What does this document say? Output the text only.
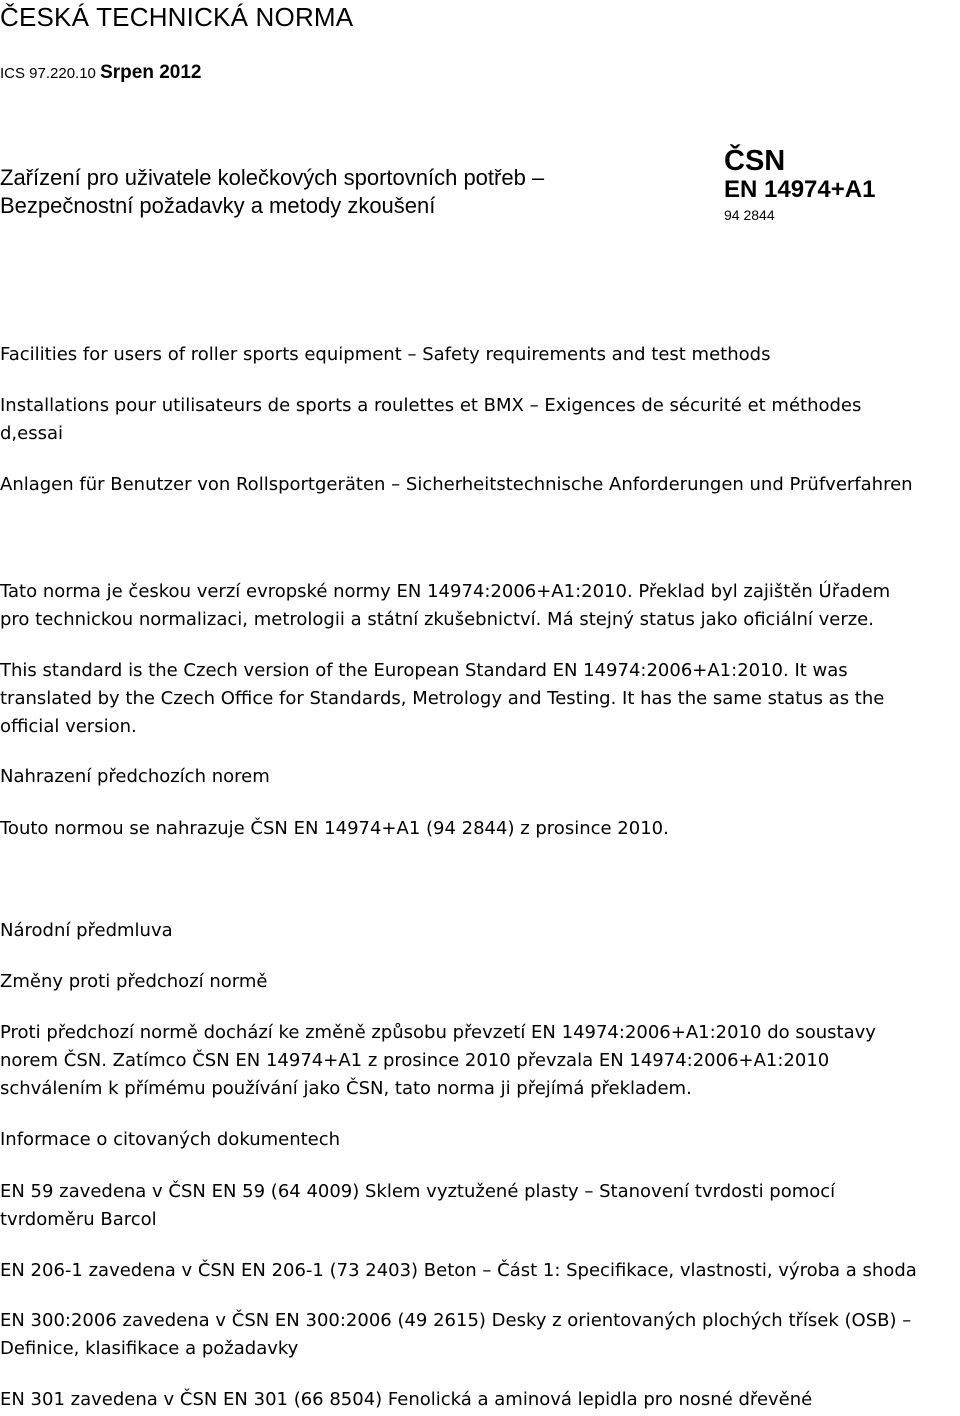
ČESKÁ TECHNICKÁ NORMA
ICS 97.220.10 Srpen 2012
Zařízení pro uživatele kolečkových sportovních potřeb –
Bezpečnostní požadavky a metody zkoušení
ČSN
EN 14974+A1
94 2844
Facilities for users of roller sports equipment – Safety requirements and test methods
Installations pour utilisateurs de sports a roulettes et BMX – Exigences de sécurité et méthodes
d,essai
Anlagen für Benutzer von Rollsportgeräten – Sicherheitstechnische Anforderungen und Prüfverfahren
Tato norma je českou verzí evropské normy EN 14974:2006+A1:2010. Překlad byl zajištěn Úřadem
pro technickou normalizaci, metrologii a státní zkušebnictví. Má stejný status jako oficiální verze.
This standard is the Czech version of the European Standard EN 14974:2006+A1:2010. It was
translated by the Czech Office for Standards, Metrology and Testing. It has the same status as the
official version.
Nahrazení předchozích norem
Touto normou se nahrazuje ČSN EN 14974+A1 (94 2844) z prosince 2010.
Národní předmluva
Změny proti předchozí normě
Proti předchozí normě dochází ke změně způsobu převzetí EN 14974:2006+A1:2010 do soustavy
norem ČSN. Zatímco ČSN EN 14974+A1 z prosince 2010 převzala EN 14974:2006+A1:2010
schválením k přímému používání jako ČSN, tato norma ji přejímá překladem.
Informace o citovaných dokumentech
EN 59 zavedena v ČSN EN 59 (64 4009) Sklem vyztužené plasty – Stanovení tvrdosti pomocí
tvrdoměru Barcol
EN 206-1 zavedena v ČSN EN 206-1 (73 2403) Beton – Část 1: Specifikace, vlastnosti, výroba a shoda
EN 300:2006 zavedena v ČSN EN 300:2006 (49 2615) Desky z orientovaných plochých třísek (OSB) –
Definice, klasifikace a požadavky
EN 301 zavedena v ČSN EN 301 (66 8504) Fenolická a aminová lepidla pro nosné dřevěné
